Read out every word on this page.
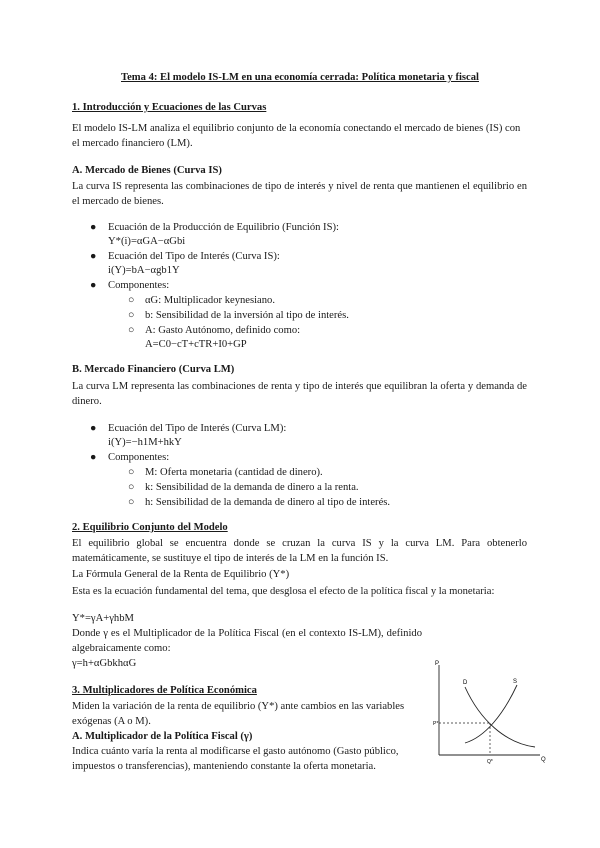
Tema 4: El modelo IS-LM en una economía cerrada: Política monetaria y fiscal

1. Introducción y Ecuaciones de las Curvas

El modelo IS-LM analiza el equilibrio conjunto de la economía conectando el mercado de bienes (IS) con el mercado financiero (LM).

A. Mercado de Bienes (Curva IS)

La curva IS representa las combinaciones de tipo de interés y nivel de renta que mantienen el equilibrio en el mercado de bienes.

● Ecuación de la Producción de Equilibrio (Función IS):
Y*(i)=αGA−αGbi
● Ecuación del Tipo de Interés (Curva IS):
i(Y)=bA−αgb1Y
● Componentes:
○ αG: Multiplicador keynesiano.
○ b: Sensibilidad de la inversión al tipo de interés.
○ A: Gasto Autónomo, definido como:
A=C0−cT+cTR+I0+GP

B. Mercado Financiero (Curva LM)

La curva LM representa las combinaciones de renta y tipo de interés que equilibran la oferta y demanda de dinero.

● Ecuación del Tipo de Interés (Curva LM):
i(Y)=−h1M+hkY
● Componentes:
○ M: Oferta monetaria (cantidad de dinero).
○ k: Sensibilidad de la demanda de dinero a la renta.
○ h: Sensibilidad de la demanda de dinero al tipo de interés.

2. Equilibrio Conjunto del Modelo

El equilibrio global se encuentra donde se cruzan la curva IS y la curva LM. Para obtenerlo matemáticamente, se sustituye el tipo de interés de la LM en la función IS.

La Fórmula General de la Renta de Equilibrio (Y*)

Esta es la ecuación fundamental del tema, que desglosa el efecto de la política fiscal y la monetaria:

Y*=γA+γhbM

Donde γ es el Multiplicador de la Política Fiscal (en el contexto IS-LM), definido algebraicamente como:

γ=h+αGbkhαG

3. Multiplicadores de Política Económica

Miden la variación de la renta de equilibrio (Y*) ante cambios en las variables exógenas (A o M).

A. Multiplicador de la Política Fiscal (γ)

Indica cuánto varía la renta al modificarse el gasto autónomo (Gasto público, impuestos o transferencias), manteniendo constante la oferta monetaria.

P
Q
D	S
P*
Q*
